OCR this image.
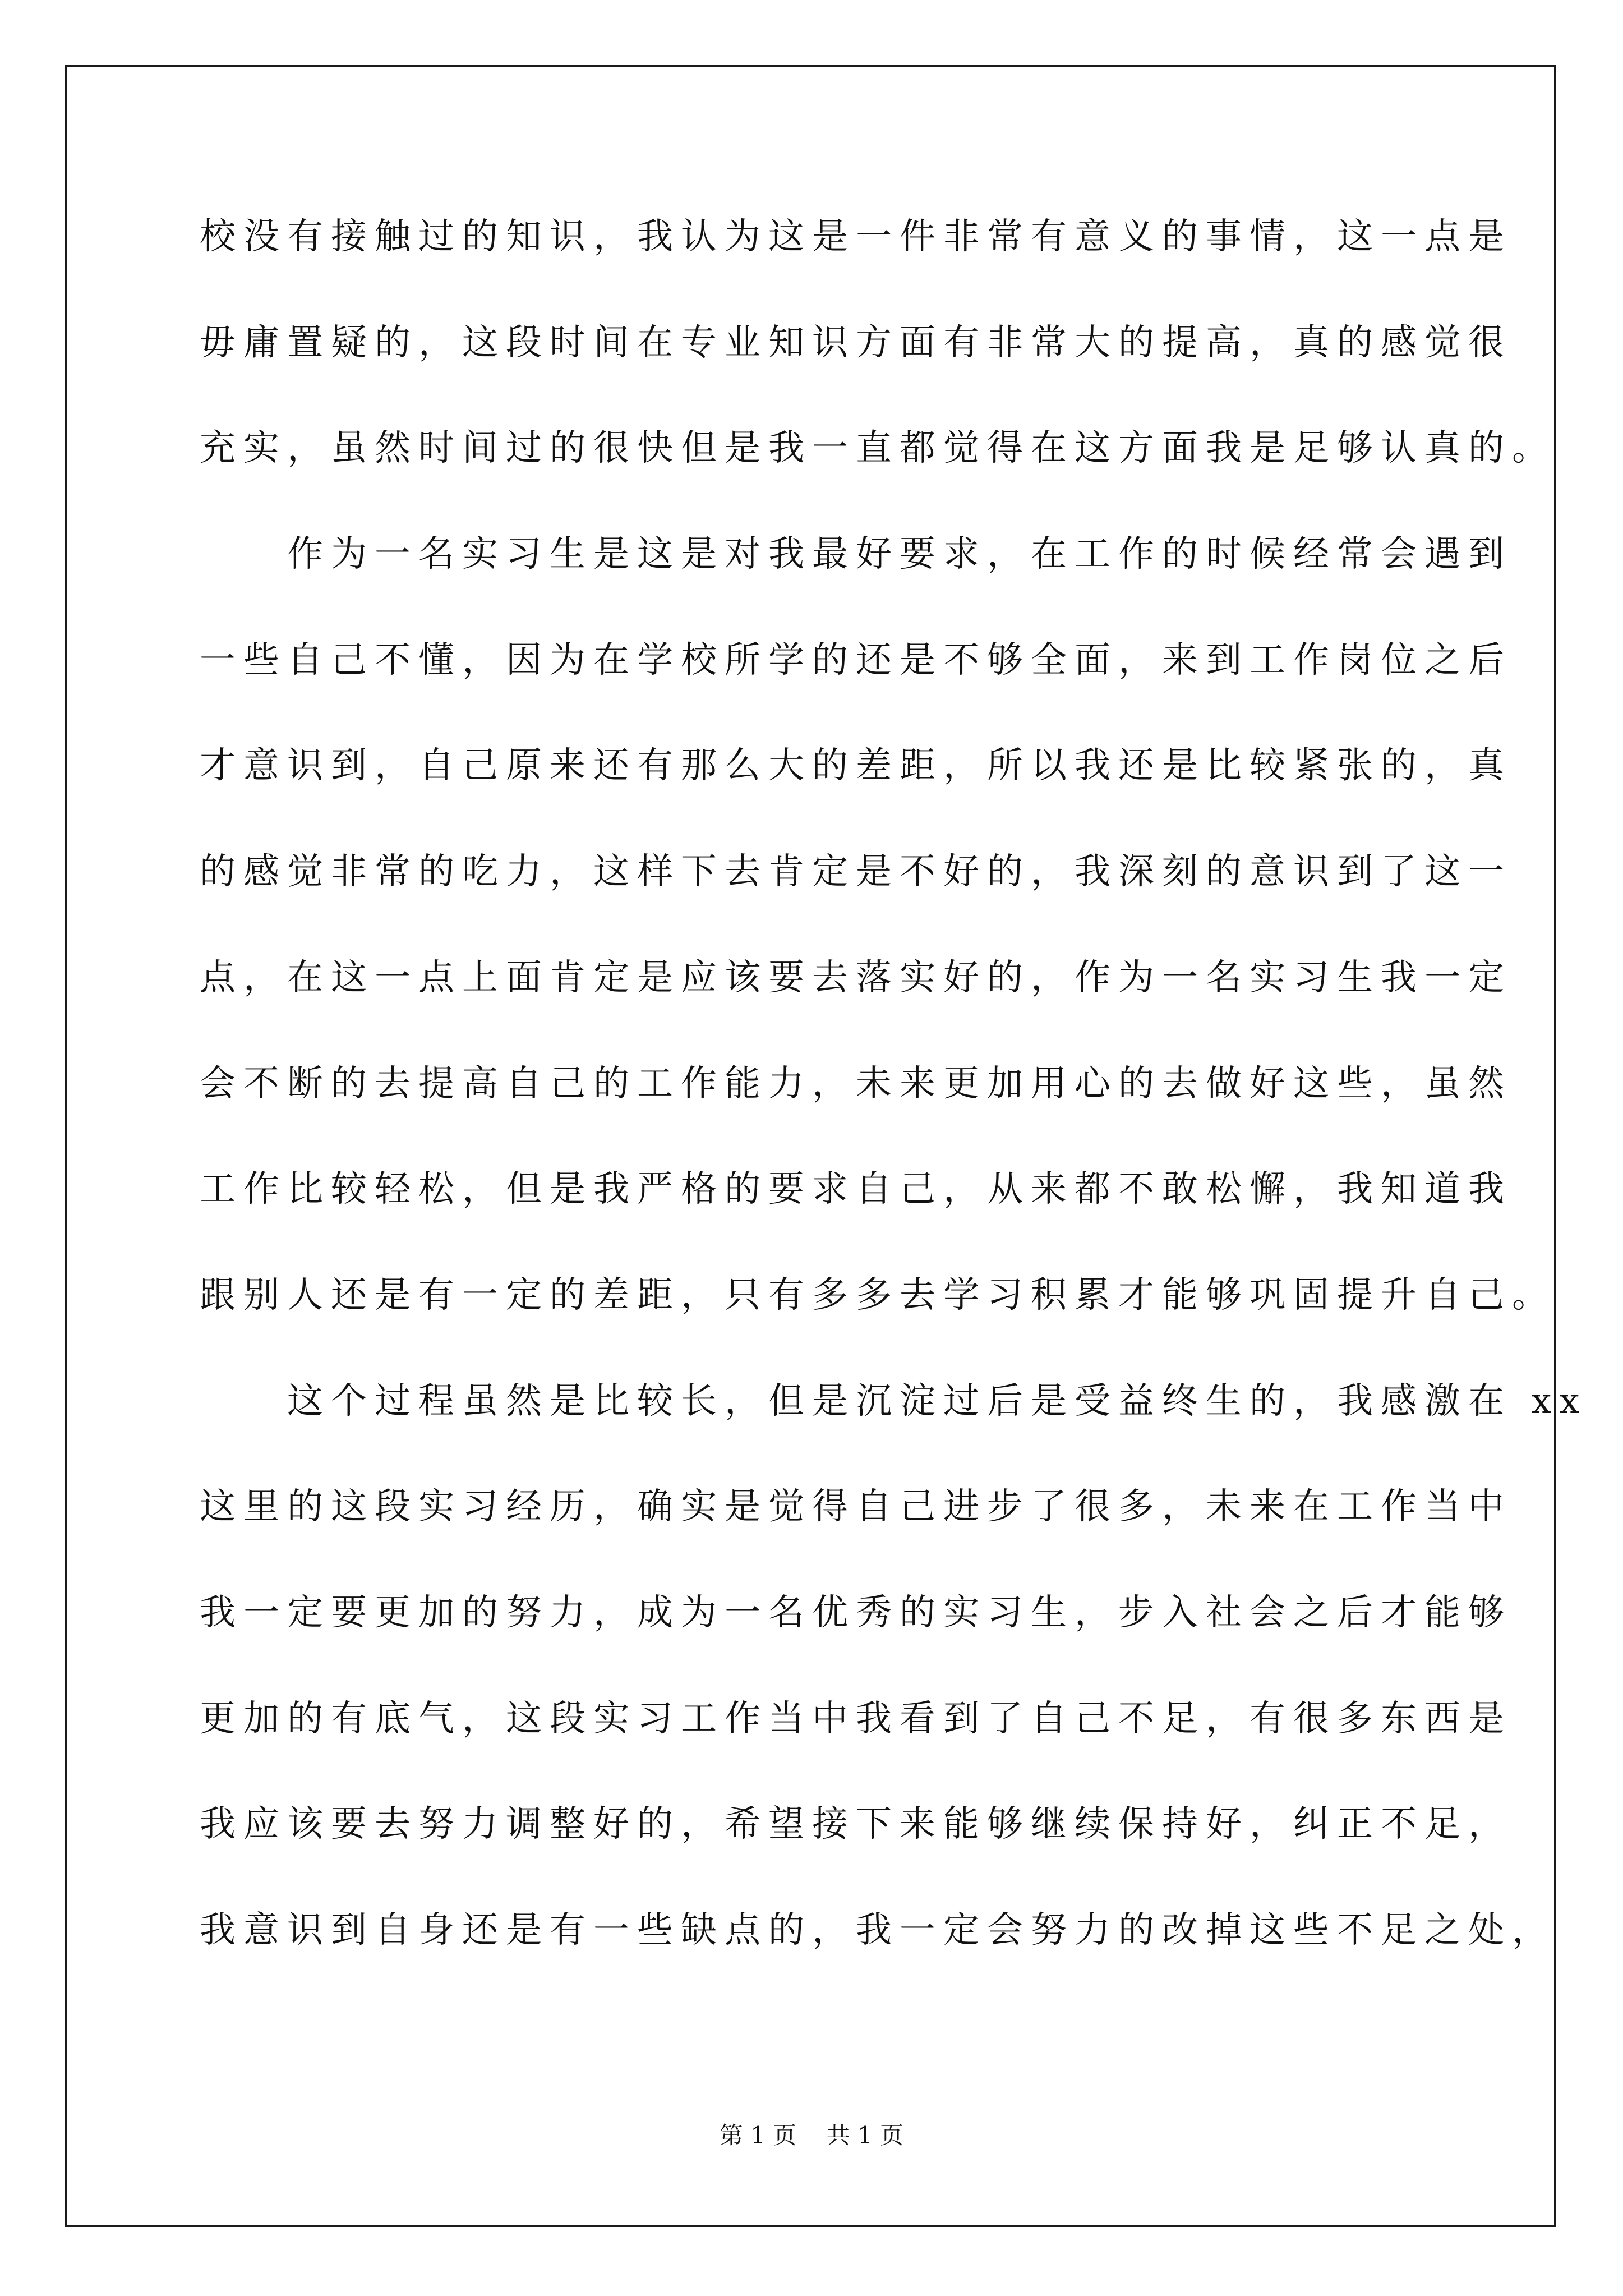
校没有接触过的知识，我认为这是一件非常有意义的事情，这一点是
毋庸置疑的，这段时间在专业知识方面有非常大的提高，真的感觉很
充实，虽然时间过的很快但是我一直都觉得在这方面我是足够认真的。
　　作为一名实习生是这是对我最好要求，在工作的时候经常会遇到
一些自己不懂，因为在学校所学的还是不够全面，来到工作岗位之后
才意识到，自己原来还有那么大的差距，所以我还是比较紧张的，真
的感觉非常的吃力，这样下去肯定是不好的，我深刻的意识到了这一
点，在这一点上面肯定是应该要去落实好的，作为一名实习生我一定
会不断的去提高自己的工作能力，未来更加用心的去做好这些，虽然
工作比较轻松，但是我严格的要求自己，从来都不敢松懈，我知道我
跟别人还是有一定的差距，只有多多去学习积累才能够巩固提升自己。
　　这个过程虽然是比较长，但是沉淀过后是受益终生的，我感激在 xx
这里的这段实习经历，确实是觉得自己进步了很多，未来在工作当中
我一定要更加的努力，成为一名优秀的实习生，步入社会之后才能够
更加的有底气，这段实习工作当中我看到了自己不足，有很多东西是
我应该要去努力调整好的，希望接下来能够继续保持好，纠正不足，
我意识到自身还是有一些缺点的，我一定会努力的改掉这些不足之处，
第 1 页    共 1 页
